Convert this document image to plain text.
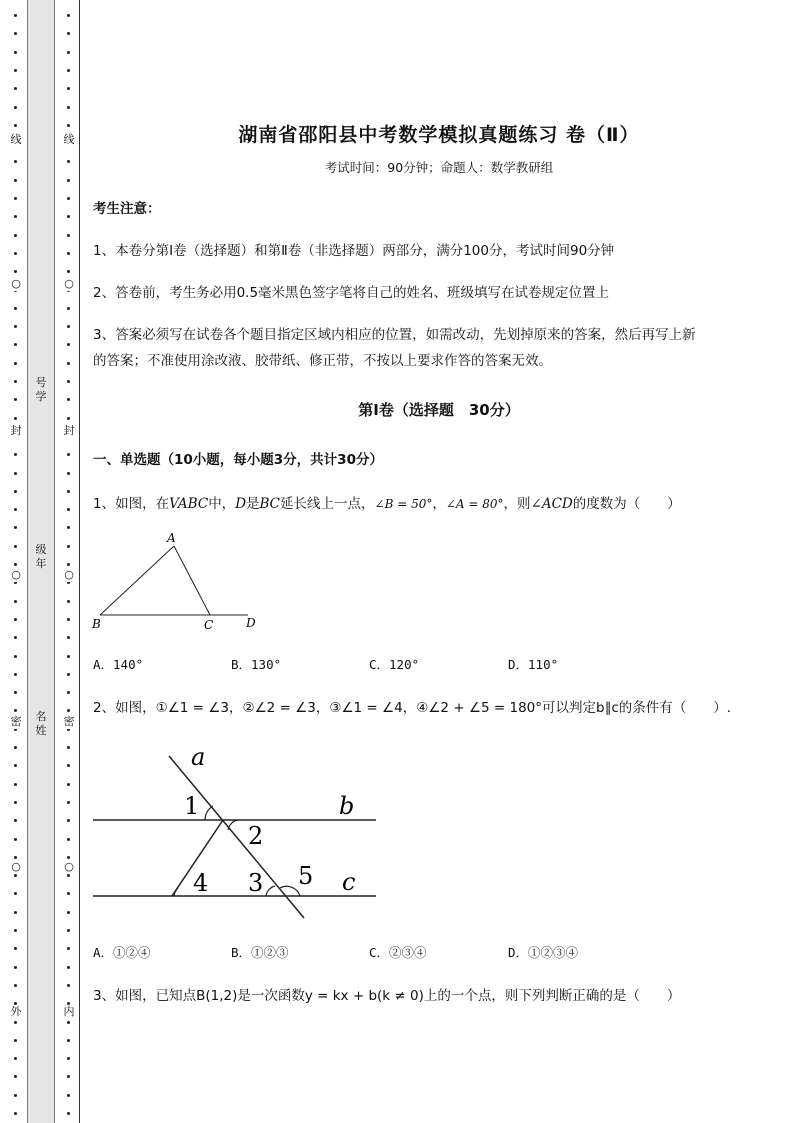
线
○
封
○
密
○
外
线
○
封
○
密
○
内
号
学
级
年
名
姓
湖南省邵阳县中考数学模拟真题练习 卷（Ⅱ）
考试时间：90分钟；命题人：数学教研组
考生注意：
1、本卷分第Ⅰ卷（选择题）和第Ⅱ卷（非选择题）两部分，满分100分，考试时间90分钟
2、答卷前，考生务必用0.5毫米黑色签字笔将自己的姓名、班级填写在试卷规定位置上
3、答案必须写在试卷各个题目指定区域内相应的位置，如需改动，先划掉原来的答案，然后再写上新
的答案；不准使用涂改液、胶带纸、修正带，不按以上要求作答的答案无效。
第Ⅰ卷（选择题　30分）
一、单选题（10小题，每小题3分，共计30分）
1、如图，在VABC中，D是BC延长线上一点，∠B = 50°，∠A = 80°，则∠ACD的度数为（　　）
A
B	C	D
A．140°	B．130°	C．120°	D．110°
2、如图，①∠1 = ∠3，②∠2 = ∠3，③∠1 = ∠4，④∠2 + ∠5 = 180°可以判定b∥c的条件有（　　）.
a
b
c
1
2
3
4	5
A．①②④	B．①②③	C．②③④	D．①②③④
3、如图，已知点B(1,2)是一次函数y = kx + b(k ≠ 0)上的一个点，则下列判断正确的是（　　）
